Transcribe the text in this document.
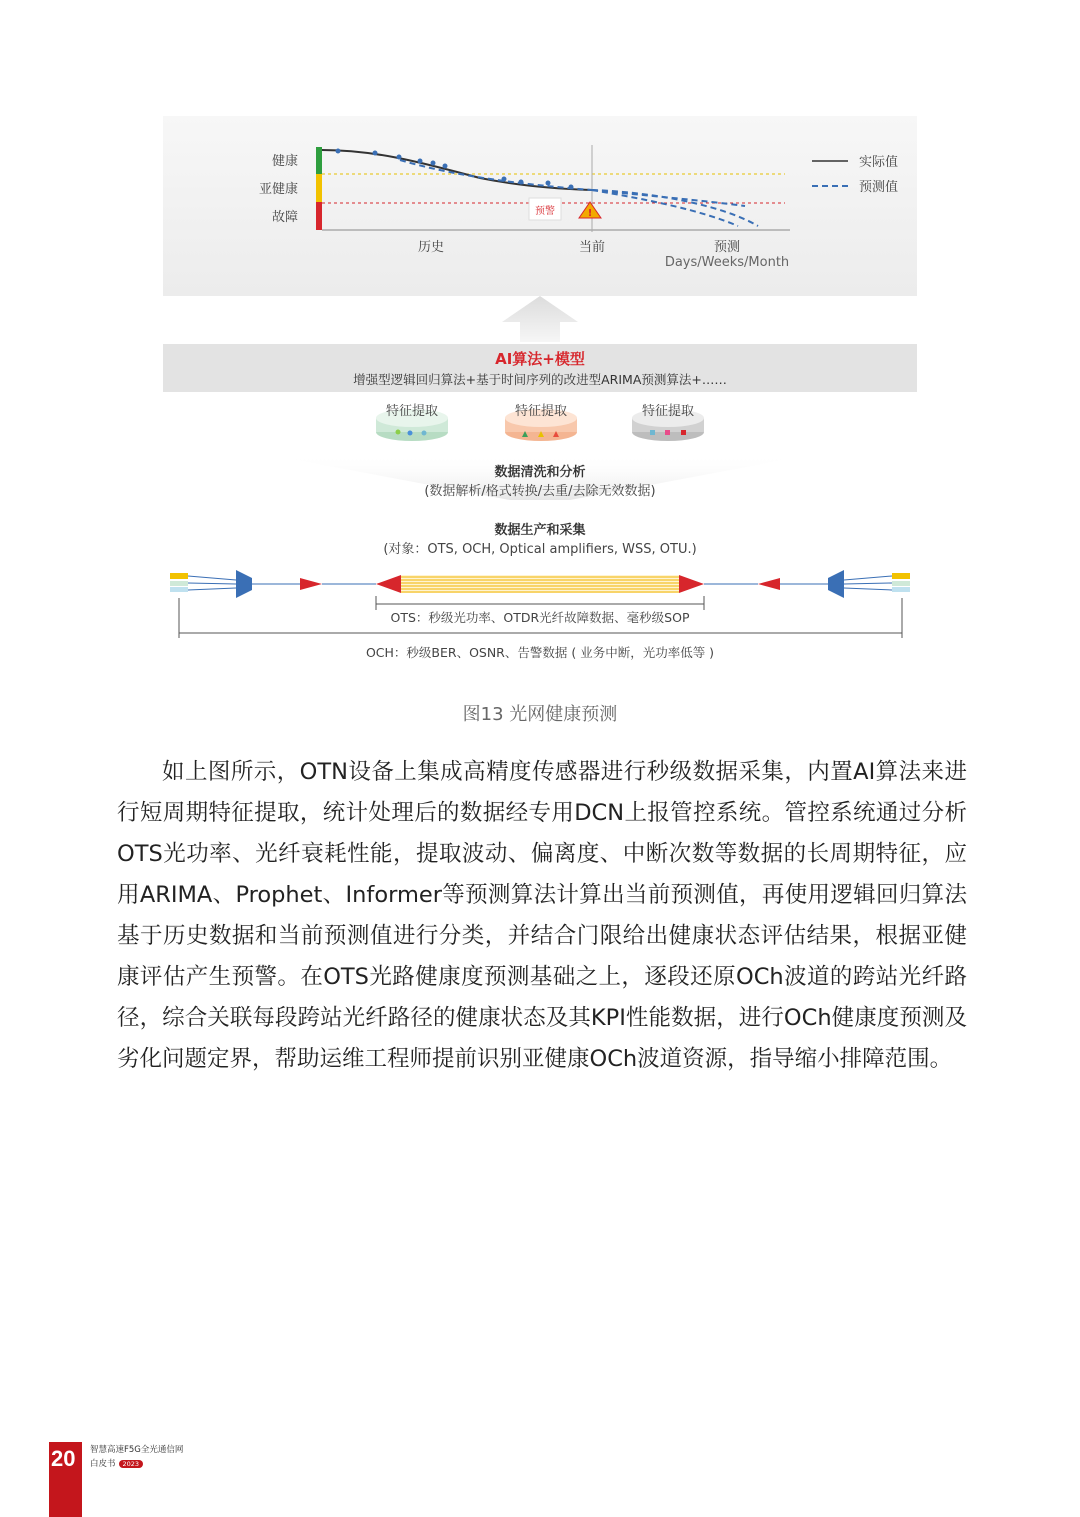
健康
亚健康
故障	预警	!
历史	当前	预测
Days/Weeks/Month
实际值
预测值
AI算法+模型
增强型逻辑回归算法+基于时间序列的改进型ARIMA预测算法+……
特征提取	特征提取	特征提取
数据清洗和分析
(数据解析/格式转换/去重/去除无效数据)
数据生产和采集
(对象：OTS, OCH, Optical amplifiers, WSS, OTU.)
OTS：秒级光功率、OTDR光纤故障数据、毫秒级SOP
OCH：秒级BER、OSNR、告警数据 ( 业务中断，光功率低等 )
图13 光网健康预测

如上图所示，OTN设备上集成高精度传感器进行秒级数据采集，内置AI算法来进行短周期特征提取，统计处理后的数据经专用DCN上报管控系统。管控系统通过分析OTS光功率、光纤衰耗性能，提取波动、偏离度、中断次数等数据的长周期特征，应用ARIMA、Prophet、Informer等预测算法计算出当前预测值，再使用逻辑回归算法基于历史数据和当前预测值进行分类，并结合门限给出健康状态评估结果，根据亚健康评估产生预警。在OTS光路健康度预测基础之上，逐段还原OCh波道的跨站光纤路径，综合关联每段跨站光纤路径的健康状态及其KPI性能数据，进行OCh健康度预测及劣化问题定界，帮助运维工程师提前识别亚健康OCh波道资源，指导缩小排障范围。

20 智慧高速F5G全光通信网
白皮书 2023
